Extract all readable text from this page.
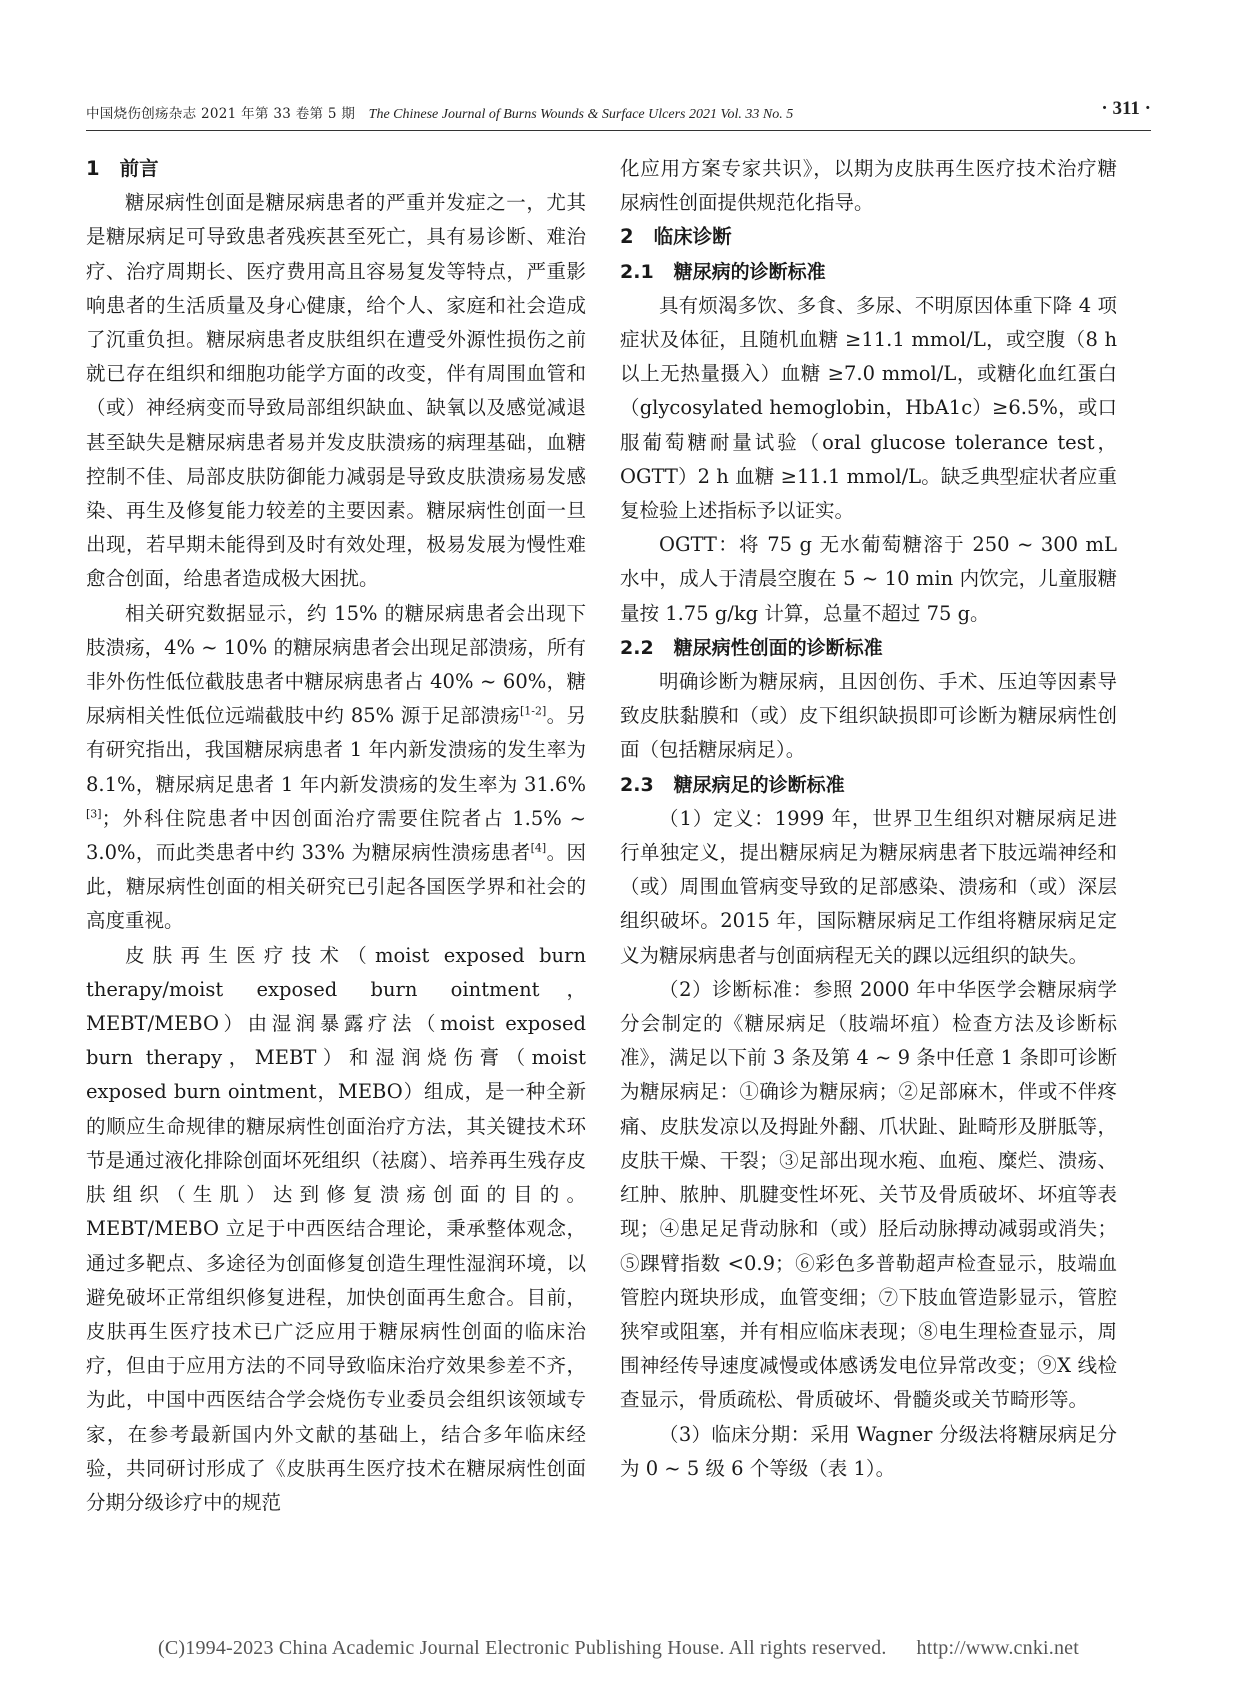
中国烧伤创疡杂志 2021 年第 33 卷第 5 期 The Chinese Journal of Burns Wounds & Surface Ulcers 2021 Vol. 33 No. 5	· 311 ·
1 前言

糖尿病性创面是糖尿病患者的严重并发症之一，尤其是糖尿病足可导致患者残疾甚至死亡，具有易诊断、难治疗、治疗周期长、医疗费用高且容易复发等特点，严重影响患者的生活质量及身心健康，给个人、家庭和社会造成了沉重负担。糖尿病患者皮肤组织在遭受外源性损伤之前就已存在组织和细胞功能学方面的改变，伴有周围血管和（或）神经病变而导致局部组织缺血、缺氧以及感觉减退甚至缺失是糖尿病患者易并发皮肤溃疡的病理基础，血糖控制不佳、局部皮肤防御能力减弱是导致皮肤溃疡易发感染、再生及修复能力较差的主要因素。糖尿病性创面一旦出现，若早期未能得到及时有效处理，极易发展为慢性难愈合创面，给患者造成极大困扰。

相关研究数据显示，约 15% 的糖尿病患者会出现下肢溃疡，4% ~ 10% 的糖尿病患者会出现足部溃疡，所有非外伤性低位截肢患者中糖尿病患者占 40% ~ 60%，糖尿病相关性低位远端截肢中约 85% 源于足部溃疡[1-2]。另有研究指出，我国糖尿病患者 1 年内新发溃疡的发生率为 8.1%，糖尿病足患者 1 年内新发溃疡的发生率为 31.6%[3]；外科住院患者中因创面治疗需要住院者占 1.5% ~ 3.0%，而此类患者中约 33% 为糖尿病性溃疡患者[4]。因此，糖尿病性创面的相关研究已引起各国医学界和社会的高度重视。

皮肤再生医疗技术（moist exposed burn therapy/moist exposed burn ointment，MEBT/MEBO）由湿润暴露疗法（moist exposed burn therapy，MEBT）和湿润烧伤膏（moist exposed burn ointment，MEBO）组成，是一种全新的顺应生命规律的糖尿病性创面治疗方法，其关键技术环节是通过液化排除创面坏死组织（祛腐）、培养再生残存皮肤组织（生肌）达到修复溃疡创面的目的。MEBT/MEBO 立足于中西医结合理论，秉承整体观念，通过多靶点、多途径为创面修复创造生理性湿润环境，以避免破坏正常组织修复进程，加快创面再生愈合。目前，皮肤再生医疗技术已广泛应用于糖尿病性创面的临床治疗，但由于应用方法的不同导致临床治疗效果参差不齐，为此，中国中西医结合学会烧伤专业委员会组织该领域专家，在参考最新国内外文献的基础上，结合多年临床经验，共同研讨形成了《皮肤再生医疗技术在糖尿病性创面分期分级诊疗中的规范

化应用方案专家共识》，以期为皮肤再生医疗技术治疗糖尿病性创面提供规范化指导。

2 临床诊断
2.1 糖尿病的诊断标准

具有烦渴多饮、多食、多尿、不明原因体重下降 4 项症状及体征，且随机血糖 ≥11.1 mmol/L，或空腹（8 h 以上无热量摄入）血糖 ≥7.0 mmol/L，或糖化血红蛋白（glycosylated hemoglobin，HbA1c）≥6.5%，或口服葡萄糖耐量试验（oral glucose tolerance test，OGTT）2 h 血糖 ≥11.1 mmol/L。缺乏典型症状者应重复检验上述指标予以证实。

OGTT：将 75 g 无水葡萄糖溶于 250 ~ 300 mL 水中，成人于清晨空腹在 5 ~ 10 min 内饮完，儿童服糖量按 1.75 g/kg 计算，总量不超过 75 g。

2.2 糖尿病性创面的诊断标准

明确诊断为糖尿病，且因创伤、手术、压迫等因素导致皮肤黏膜和（或）皮下组织缺损即可诊断为糖尿病性创面（包括糖尿病足）。

2.3 糖尿病足的诊断标准

（1）定义：1999 年，世界卫生组织对糖尿病足进行单独定义，提出糖尿病足为糖尿病患者下肢远端神经和（或）周围血管病变导致的足部感染、溃疡和（或）深层组织破坏。2015 年，国际糖尿病足工作组将糖尿病足定义为糖尿病患者与创面病程无关的踝以远组织的缺失。

（2）诊断标准：参照 2000 年中华医学会糖尿病学分会制定的《糖尿病足（肢端坏疽）检查方法及诊断标准》，满足以下前 3 条及第 4 ~ 9 条中任意 1 条即可诊断为糖尿病足：①确诊为糖尿病；②足部麻木，伴或不伴疼痛、皮肤发凉以及拇趾外翻、爪状趾、趾畸形及胼胝等，皮肤干燥、干裂；③足部出现水疱、血疱、糜烂、溃疡、红肿、脓肿、肌腱变性坏死、关节及骨质破坏、坏疽等表现；④患足足背动脉和（或）胫后动脉搏动减弱或消失；⑤踝臂指数 <0.9；⑥彩色多普勒超声检查显示，肢端血管腔内斑块形成，血管变细；⑦下肢血管造影显示，管腔狭窄或阻塞，并有相应临床表现；⑧电生理检查显示，周围神经传导速度减慢或体感诱发电位异常改变；⑨X 线检查显示，骨质疏松、骨质破坏、骨髓炎或关节畸形等。

（3）临床分期：采用 Wagner 分级法将糖尿病足分为 0 ~ 5 级 6 个等级（表 1）。

(C)1994-2023 China Academic Journal Electronic Publishing House. All rights reserved. http://www.cnki.net
